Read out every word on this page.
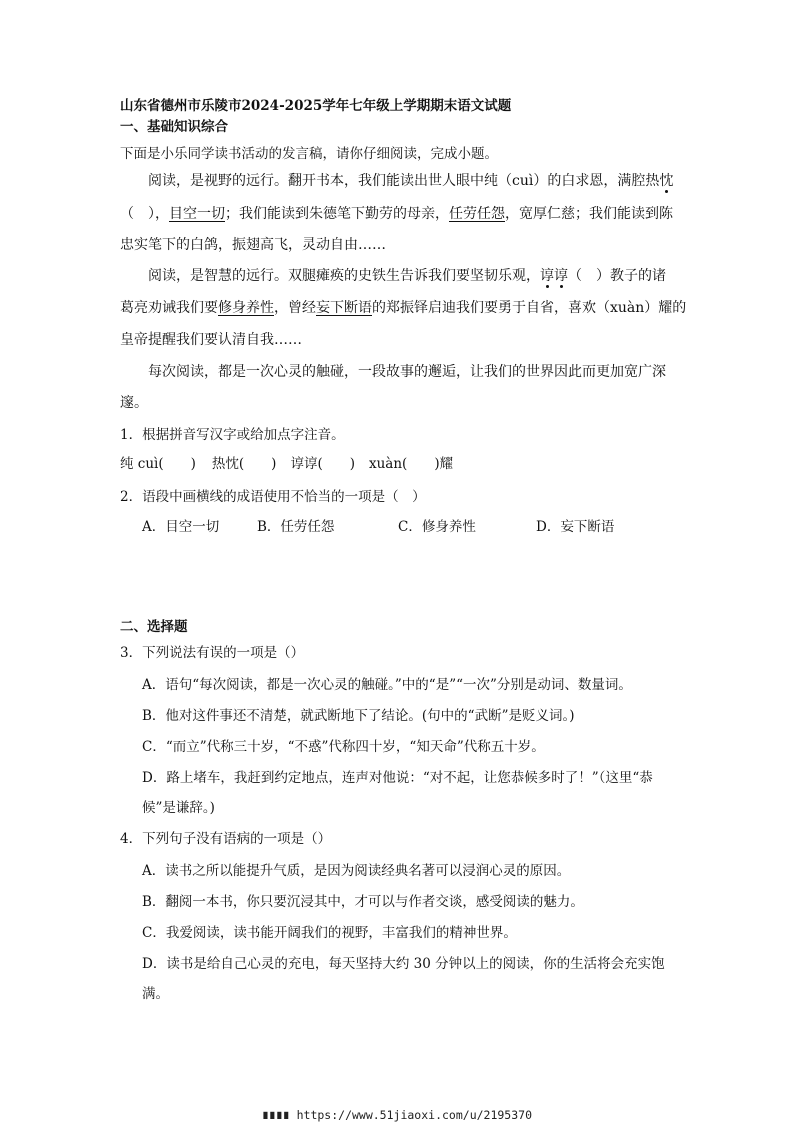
山东省德州市乐陵市2024-2025学年七年级上学期期末语文试题
一、基础知识综合
下面是小乐同学读书活动的发言稿，请你仔细阅读，完成小题。
阅读，是视野的远行。翻开书本，我们能读出世人眼中纯（cuì）的白求恩，满腔热忱
（　），目空一切；我们能读到朱德笔下勤劳的母亲，任劳任怨，宽厚仁慈；我们能读到陈
忠实笔下的白鸽，振翅高飞，灵动自由……
阅读，是智慧的远行。双腿瘫痪的史铁生告诉我们要坚韧乐观，谆谆（　）教子的诸
葛亮劝诫我们要修身养性，曾经妄下断语的郑振铎启迪我们要勇于自省，喜欢（xuàn）耀的
皇帝提醒我们要认清自我……
每次阅读，都是一次心灵的触碰，一段故事的邂逅，让我们的世界因此而更加宽广深
邃。
1．根据拼音写汉字或给加点字注音。
纯 cuì(　　) 热忱(　　) 谆谆(　　) xuàn(　　)耀
2．语段中画横线的成语使用不恰当的一项是（　）
A．目空一切	B．任劳任怨	C．修身养性	D．妄下断语
二、选择题
3．下列说法有误的一项是（）
A．语句“每次阅读，都是一次心灵的触碰。”中的“是”“一次”分别是动词、数量词。
B．他对这件事还不清楚，就武断地下了结论。(句中的“武断”是贬义词。)
C．“而立”代称三十岁，“不惑”代称四十岁，“知天命”代称五十岁。
D．路上堵车，我赶到约定地点，连声对他说：“对不起，让您恭候多时了！”（这里“恭
候”是谦辞。)
4．下列句子没有语病的一项是（）
A．读书之所以能提升气质，是因为阅读经典名著可以浸润心灵的原因。
B．翻阅一本书，你只要沉浸其中，才可以与作者交谈，感受阅读的魅力。
C．我爱阅读，读书能开阔我们的视野，丰富我们的精神世界。
D．读书是给自己心灵的充电，每天坚持大约 30 分钟以上的阅读，你的生活将会充实饱
满。
∎∎∎∎ https://www.51jiaoxi.com/u/2195370
